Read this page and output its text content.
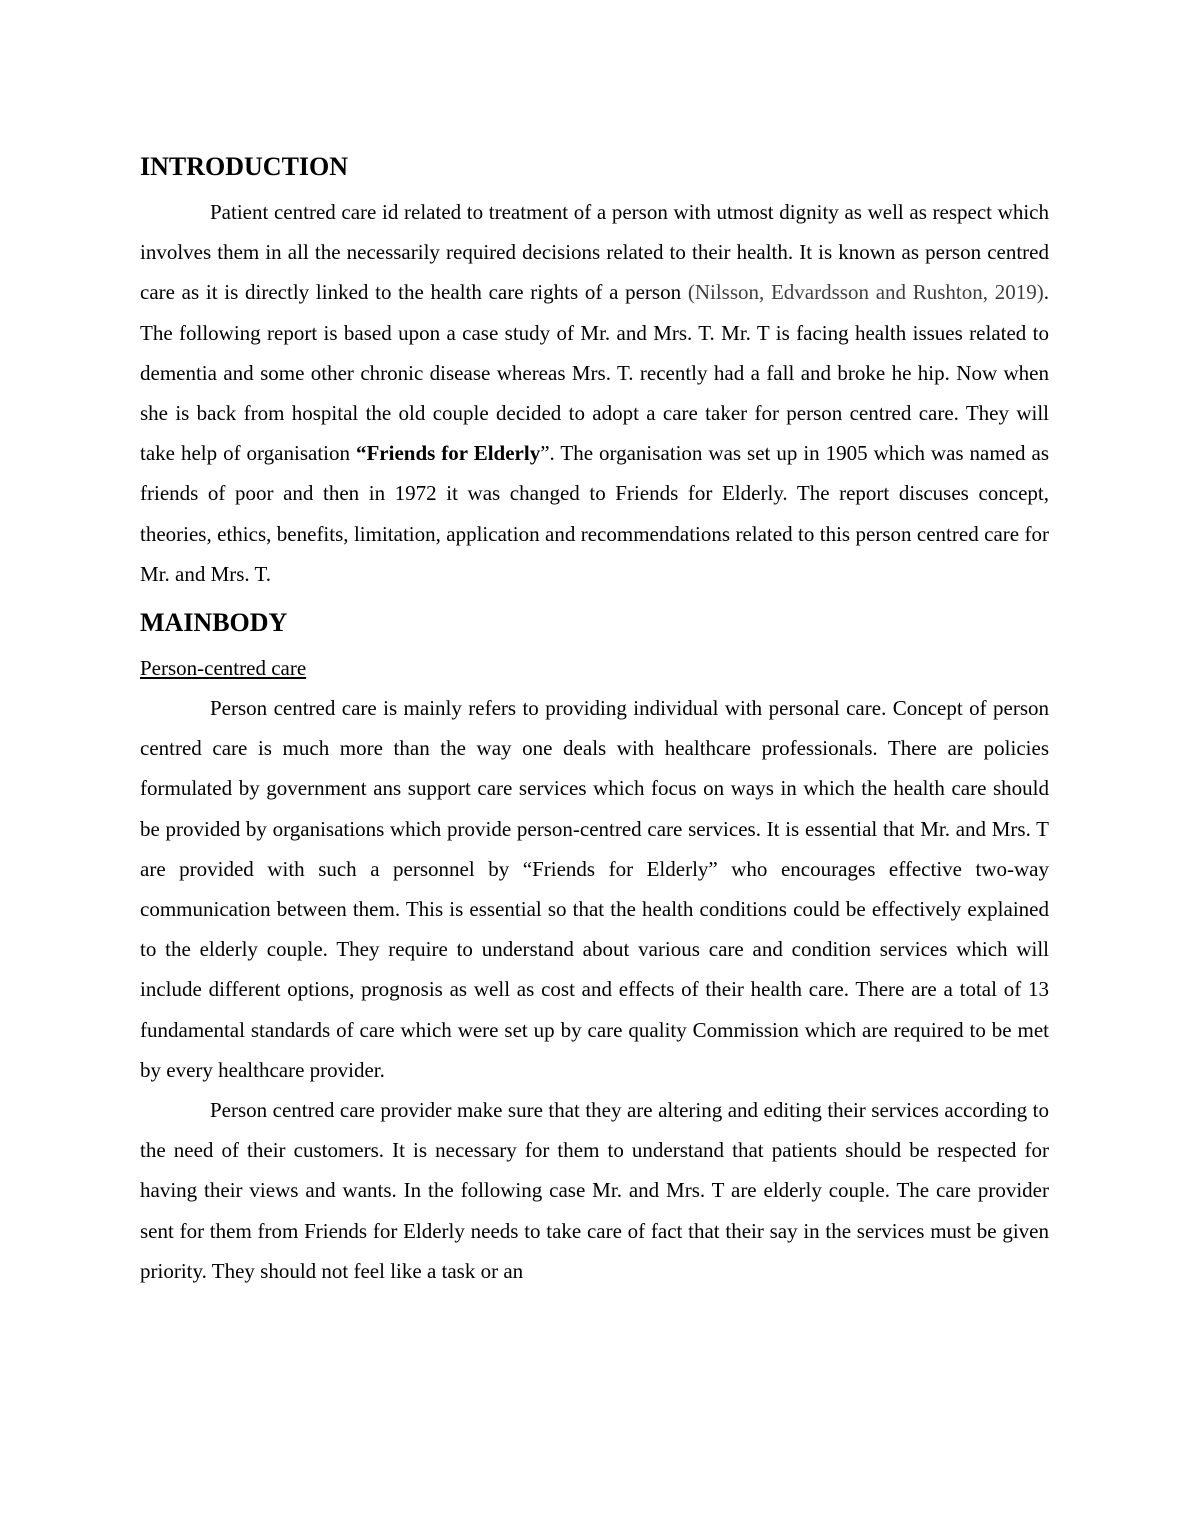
INTRODUCTION

Patient centred care id related to treatment of a person with utmost dignity as well as respect which involves them in all the necessarily required decisions related to their health. It is known as person centred care as it is directly linked to the health care rights of a person (Nilsson, Edvardsson and Rushton, 2019). The following report is based upon a case study of Mr. and Mrs. T. Mr. T is facing health issues related to dementia and some other chronic disease whereas Mrs. T. recently had a fall and broke he hip. Now when she is back from hospital the old couple decided to adopt a care taker for person centred care. They will take help of organisation “Friends for Elderly”. The organisation was set up in 1905 which was named as friends of poor and then in 1972 it was changed to Friends for Elderly. The report discuses concept, theories, ethics, benefits, limitation, application and recommendations related to this person centred care for Mr. and Mrs. T.

MAINBODY
Person-centred care

Person centred care is mainly refers to providing individual with personal care. Concept of person centred care is much more than the way one deals with healthcare professionals. There are policies formulated by government ans support care services which focus on ways in which the health care should be provided by organisations which provide person-centred care services. It is essential that Mr. and Mrs. T are provided with such a personnel by “Friends for Elderly” who encourages effective two-way communication between them. This is essential so that the health conditions could be effectively explained to the elderly couple. They require to understand about various care and condition services which will include different options, prognosis as well as cost and effects of their health care. There are a total of 13 fundamental standards of care which were set up by care quality Commission which are required to be met by every healthcare provider.

Person centred care provider make sure that they are altering and editing their services according to the need of their customers. It is necessary for them to understand that patients should be respected for having their views and wants. In the following case Mr. and Mrs. T are elderly couple. The care provider sent for them from Friends for Elderly needs to take care of fact that their say in the services must be given priority. They should not feel like a task or an
